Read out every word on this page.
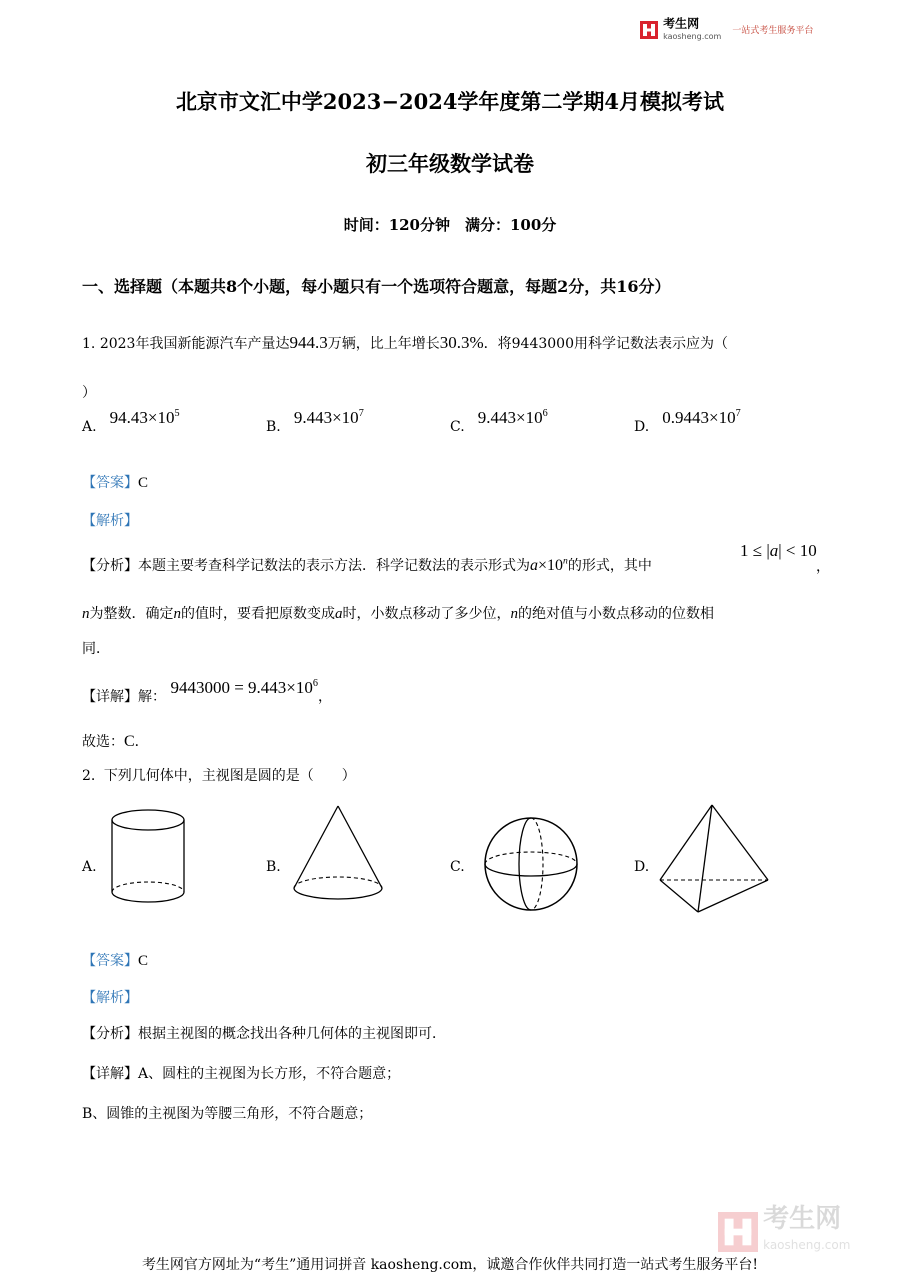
考生网
kaosheng.com 一站式考生服务平台
北京市文汇中学2023−2024学年度第二学期4月模拟考试
初三年级数学试卷
时间：120分钟　满分：100分
一、选择题（本题共8个小题，每小题只有一个选项符合题意，每题2分，共16分）
1. 2023年我国新能源汽车产量达944.3万辆，比上年增长30.3%．将9443000用科学记数法表示应为（
）
A. $94.43\times 10^5$
B. $9.443\times 10^7$
C. $9.443\times 10^6$
D. $0.9443\times 10^7$
【答案】C
【解析】
【分析】本题主要考查科学记数法的表示方法．科学记数法的表示形式为$a\times 10^n$的形式，其中
1 ≤ |a| < 10
，
n为整数．确定n的值时，要看把原数变成a时，小数点移动了多少位，n的绝对值与小数点移动的位数相
同．
【详解】解： $9443000 = 9.443\times 10^6$，
故选：C．
2. 下列几何体中，主视图是圆的是（　　）
A.	B.	C.	D.
【答案】C
【解析】
【分析】根据主视图的概念找出各种几何体的主视图即可．
【详解】A、圆柱的主视图为长方形，不符合题意；
B、圆锥的主视图为等腰三角形，不符合题意；
考生网
kaosheng.com
考生网官方网址为“考生”通用词拼音 kaosheng.com，诚邀合作伙伴共同打造一站式考生服务平台!
